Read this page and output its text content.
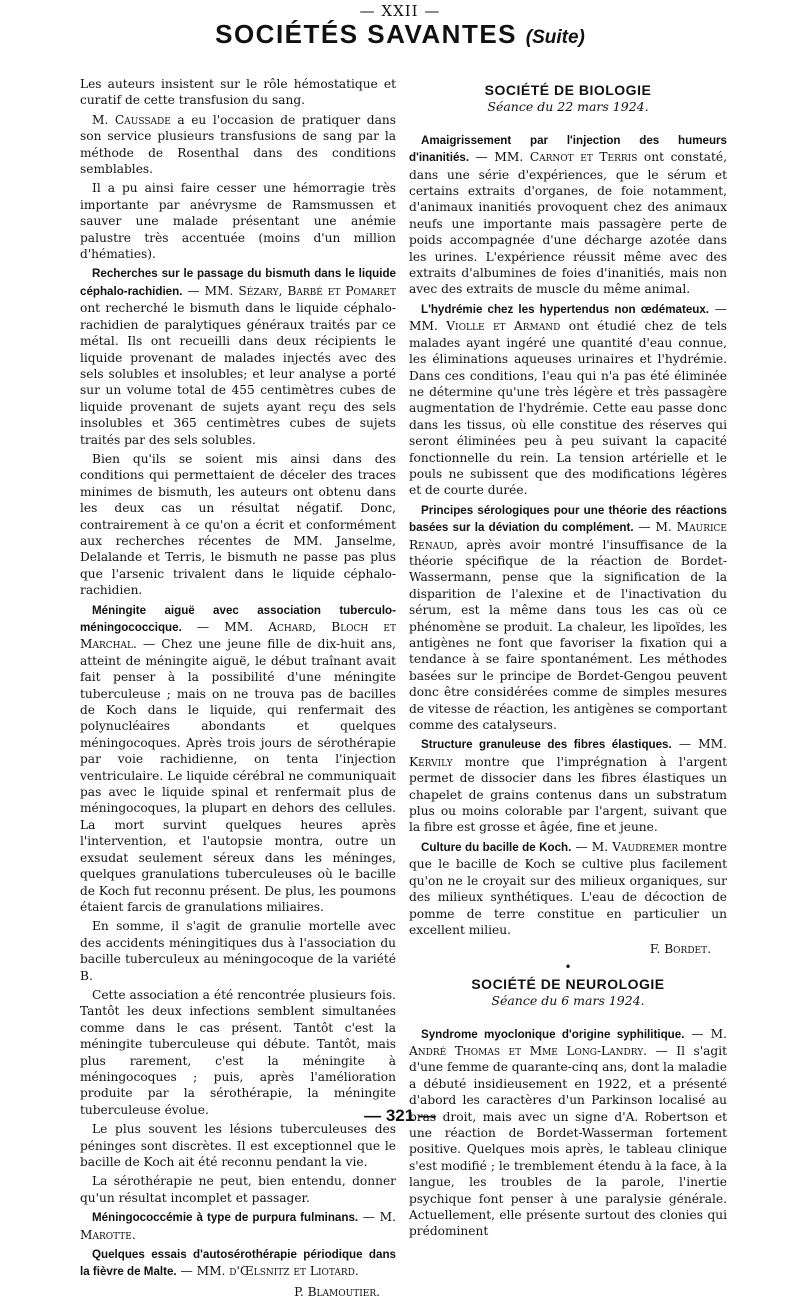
— XXII —
SOCIÉTÉS SAVANTES (Suite)

Les auteurs insistent sur le rôle hémostatique et curatif de cette transfusion du sang.

M. Caussade a eu l'occasion de pratiquer dans son service plusieurs transfusions de sang par la méthode de Rosenthal dans des conditions semblables.

Il a pu ainsi faire cesser une hémorragie très importante par anévrysme de Ramsmussen et sauver une malade présentant une anémie palustre très accentuée (moins d'un million d'hématies).

Recherches sur le passage du bismuth dans le liquide céphalo-rachidien. — MM. Sézary, Barbé et Pomaret ont recherché le bismuth dans le liquide céphalo-rachidien de paralytiques généraux traités par ce métal. Ils ont recueilli dans deux récipients le liquide provenant de malades injectés avec des sels solubles et insolubles; et leur analyse a porté sur un volume total de 455 centimètres cubes de liquide provenant de sujets ayant reçu des sels insolubles et 365 centimètres cubes de sujets traités par des sels solubles.

Bien qu'ils se soient mis ainsi dans des conditions qui permettaient de déceler des traces minimes de bismuth, les auteurs ont obtenu dans les deux cas un résultat négatif. Donc, contrairement à ce qu'on a écrit et conformément aux recherches récentes de MM. Janselme, Delalande et Terris, le bismuth ne passe pas plus que l'arsenic trivalent dans le liquide céphalo-rachidien.

Méningite aiguë avec association tuberculo-méningococcique. — MM. Achard, Bloch et Marchal. — Chez une jeune fille de dix-huit ans, atteint de méningite aiguë, le début traînant avait fait penser à la possibilité d'une méningite tuberculeuse ; mais on ne trouva pas de bacilles de Koch dans le liquide, qui renfermait des polynucléaires abondants et quelques méningocoques. Après trois jours de sérothérapie par voie rachidienne, on tenta l'injection ventriculaire. Le liquide cérébral ne communiquait pas avec le liquide spinal et renfermait plus de méningocoques, la plupart en dehors des cellules. La mort survint quelques heures après l'intervention, et l'autopsie montra, outre un exsudat seulement séreux dans les méninges, quelques granulations tuberculeuses où le bacille de Koch fut reconnu présent. De plus, les poumons étaient farcis de granulations miliaires.

En somme, il s'agit de granulie mortelle avec des accidents méningitiques dus à l'association du bacille tuberculeux au méningocoque de la variété B.

Cette association a été rencontrée plusieurs fois. Tantôt les deux infections semblent simultanées comme dans le cas présent. Tantôt c'est la méningite tuberculeuse qui débute. Tantôt, mais plus rarement, c'est la méningite à méningocoques ; puis, après l'amélioration produite par la sérothérapie, la méningite tuberculeuse évolue.

Le plus souvent les lésions tuberculeuses des péninges sont discrètes. Il est exceptionnel que le bacille de Koch ait été reconnu pendant la vie.

La sérothérapie ne peut, bien entendu, donner qu'un résultat incomplet et passager.

Méningococcémie à type de purpura fulminans. — M. Marotte.

Quelques essais d'autosérothérapie périodique dans la fièvre de Malte. — MM. d'Œlsnitz et Liotard.

P. Blamoutier.
SOCIÉTÉ DE BIOLOGIE
Séance du 22 mars 1924.

Amaigrissement par l'injection des humeurs d'inanitiés. — MM. Carnot et Terris ont constaté, dans une série d'expériences, que le sérum et certains extraits d'organes, de foie notamment, d'animaux inanitiés provoquent chez des animaux neufs une importante mais passagère perte de poids accompagnée d'une décharge azotée dans les urines. L'expérience réussit même avec des extraits d'albumines de foies d'inanitiés, mais non avec des extraits de muscle du même animal.

L'hydrémie chez les hypertendus non œdémateux. — MM. Violle et Armand ont étudié chez de tels malades ayant ingéré une quantité d'eau connue, les éliminations aqueuses urinaires et l'hydrémie. Dans ces conditions, l'eau qui n'a pas été éliminée ne détermine qu'une très légère et très passagère augmentation de l'hydrémie. Cette eau passe donc dans les tissus, où elle constitue des réserves qui seront éliminées peu à peu suivant la capacité fonctionnelle du rein. La tension artérielle et le pouls ne subissent que des modifications légères et de courte durée.

Principes sérologiques pour une théorie des réactions basées sur la déviation du complément. — M. Maurice Renaud, après avoir montré l'insuffisance de la théorie spécifique de la réaction de Bordet-Wassermann, pense que la signification de la disparition de l'alexine et de l'inactivation du sérum, est la même dans tous les cas où ce phénomène se produit. La chaleur, les lipoïdes, les antigènes ne font que favoriser la fixation qui a tendance à se faire spontanément. Les méthodes basées sur le principe de Bordet-Gengou peuvent donc être considérées comme de simples mesures de vitesse de réaction, les antigènes se comportant comme des catalyseurs.

Structure granuleuse des fibres élastiques. — MM. Kervily montre que l'imprégnation à l'argent permet de dissocier dans les fibres élastiques un chapelet de grains contenus dans un substratum plus ou moins colorable par l'argent, suivant que la fibre est grosse et âgée, fine et jeune.

Culture du bacille de Koch. — M. Vaudremer montre que le bacille de Koch se cultive plus facilement qu'on ne le croyait sur des milieux organiques, sur des milieux synthétiques. L'eau de décoction de pomme de terre constitue en particulier un excellent milieu.

F. Bordet.
•
SOCIÉTÉ DE NEUROLOGIE
Séance du 6 mars 1924.

Syndrome myoclonique d'origine syphilitique. — M. André Thomas et Mme Long-Landry. — Il s'agit d'une femme de quarante-cinq ans, dont la maladie a débuté insidieusement en 1922, et a présenté d'abord les caractères d'un Parkinson localisé au bras droit, mais avec un signe d'A. Robertson et une réaction de Bordet-Wasserman fortement positive. Quelques mois après, le tableau clinique s'est modifié ; le tremblement étendu à la face, à la langue, les troubles de la parole, l'inertie psychique font penser à une paralysie générale. Actuellement, elle présente surtout des clonies qui prédominent

— 321 —
